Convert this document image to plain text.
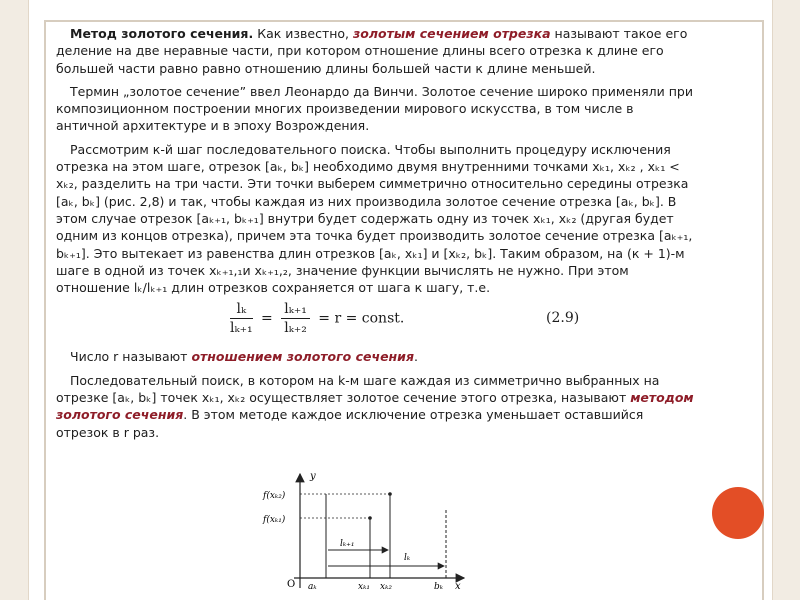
Метод золотого сечения. Как известно, золотым сечением отрезка называют такое его деление на две неравные части, при котором отношение длины всего отрезка к длине его большей части равно равно отношению длины большей части к длине меньшей.

Термин „золотое сечение” ввел Леонардо да Винчи. Золотое сечение широко применяли при композиционном построении многих произведении мирового искусства, в том числе в античной архитектуре и в эпоху Возрождения.

Рассмотрим к-й шаг последовательного поиска. Чтобы выполнить процедуру исключения отрезка на этом шаге, отрезок [aₖ, bₖ] необходимо двумя внутренними точками xₖ₁, xₖ₂ , xₖ₁ < xₖ₂, разделить на три части. Эти точки выберем симметрично относительно середины отрезка [aₖ, bₖ] (рис. 2,8) и так, чтобы каждая из них производила золотое сечение отрезка [aₖ, bₖ]. В этом случае отрезок [aₖ₊₁, bₖ₊₁] внутри будет содержать одну из точек xₖ₁, xₖ₂ (другая будет одним из концов отрезка), причем эта точка будет производить золотое сечение отрезка [aₖ₊₁, bₖ₊₁]. Это вытекает из равенства длин отрезков [aₖ, xₖ₁] и [xₖ₂, bₖ]. Таким образом, на (к + 1)-м шаге в одной из точек xₖ₊₁,₁и xₖ₊₁,₂, значение функции вычислять не нужно. При этом отношение lₖ/lₖ₊₁ длин отрезков сохраняется от шага к шагу, т.е.

$\frac{\text{lₖ}}{\text{lₖ₊₁}} = \frac{\text{lₖ₊₁}}{\text{lₖ₊₂}} = r$ = const.	(2.9)

Число r называют отношением золотого сечения.

Последовательный поиск, в котором на k-м шаге каждая из симметрично выбранных на отрезке [aₖ, bₖ] точек xₖ₁, xₖ₂ осуществляет золотое сечение этого отрезка, называют методом золотого сечения. В этом методе каждое исключение отрезка уменьшает оставшийся отрезок в r раз.

y
x
O
f(xₖ₂)
f(xₖ₁)
lₖ₊₁
lₖ
aₖ	xₖ₁ xₖ₂	bₖ
